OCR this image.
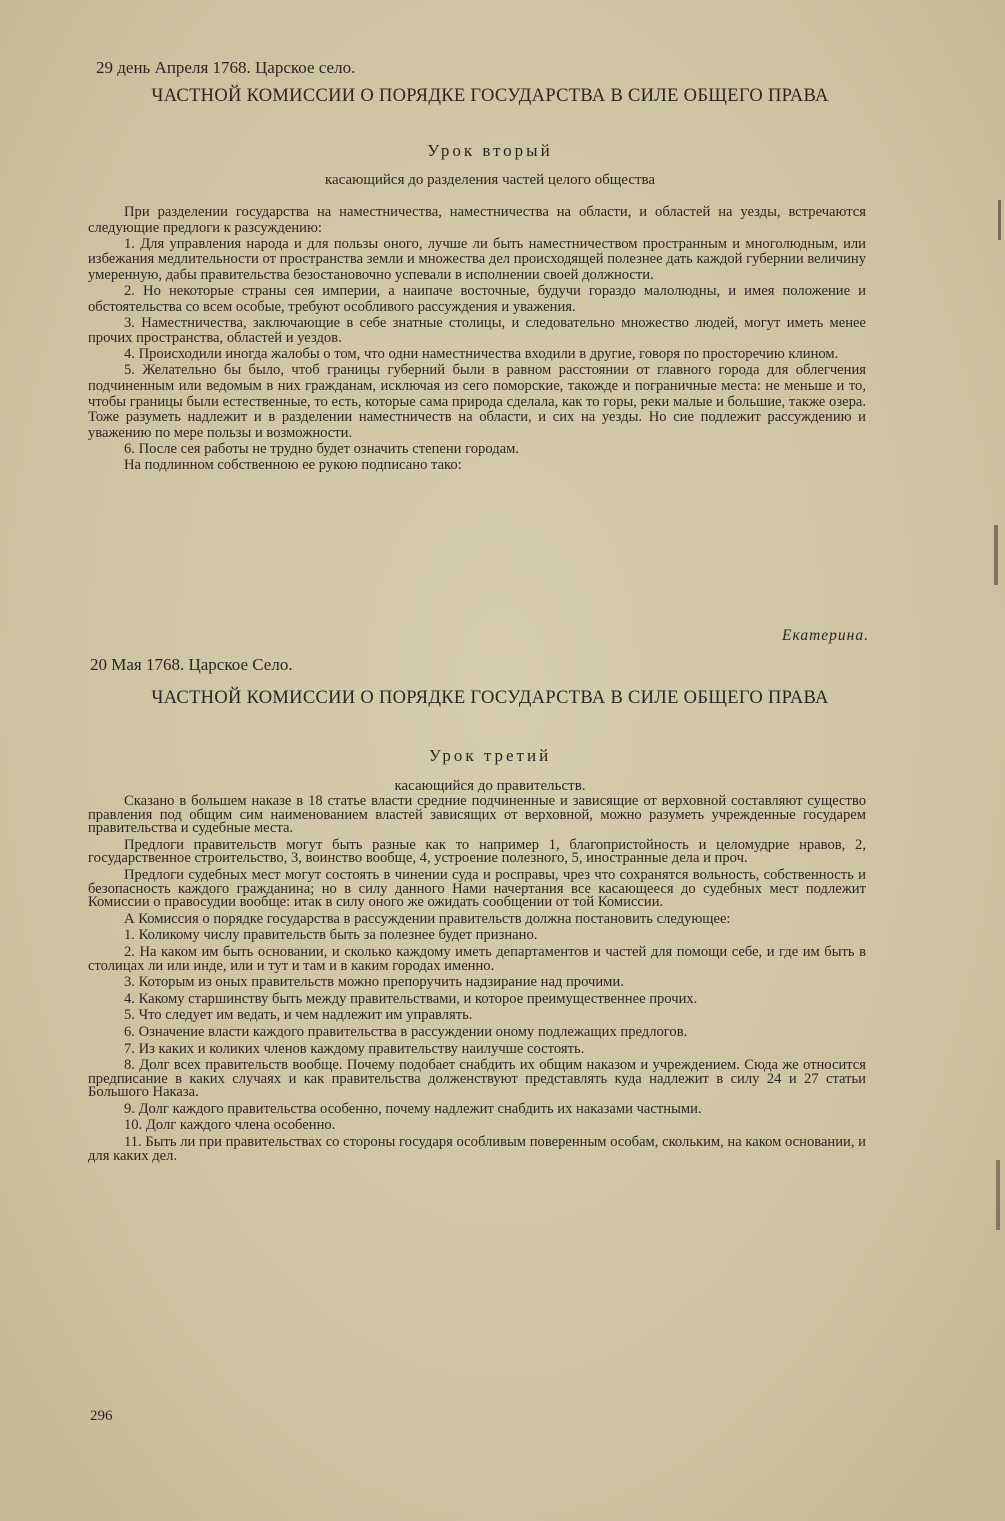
29 день Апреля 1768. Царское село.
ЧАСТНОЙ КОМИССИИ О ПОРЯДКЕ ГОСУДАРСТВА В СИЛЕ ОБЩЕГО ПРАВА
Урок вторый
касающийся до разделения частей целого общества

При разделении государства на наместничества, наместничества на области, и областей на уезды, встречаются следующие предлоги к разсуждению:

1. Для управления народа и для пользы оного, лучше ли быть наместничеством пространным и многолюдным, или избежания медлительности от пространства земли и множества дел происходящей полезнее дать каждой губернии величину умеренную, дабы правительства безостановочно успевали в исполнении своей должности.

2. Но некоторые страны сея империи, а наипаче восточные, будучи гораздо малолюдны, и имея положение и обстоятельства со всем особые, требуют особливого рассуждения и уважения.

3. Наместничества, заключающие в себе знатные столицы, и следовательно множество людей, могут иметь менее прочих пространства, областей и уездов.

4. Происходили иногда жалобы о том, что одни наместничества входили в другие, говоря по просторечию клином.

5. Желательно бы было, чтоб границы губерний были в равном расстоянии от главного города для облегчения подчиненным или ведомым в них гражданам, исключая из сего поморские, такожде и пограничные места: не меньше и то, чтобы границы были естественные, то есть, которые сама природа сделала, как то горы, реки малые и большие, также озера. Тоже разуметь надлежит и в разделении наместничеств на области, и сих на уезды. Но сие подлежит рассуждению и уважению по мере пользы и возможности.

6. После сея работы не трудно будет означить степени городам.

На подлинном собственною ее рукою подписано тако:

Екатерина.
20 Мая 1768. Царское Село.
ЧАСТНОЙ КОМИССИИ О ПОРЯДКЕ ГОСУДАРСТВА В СИЛЕ ОБЩЕГО ПРАВА
Урок третий
касающийся до правительств.

Сказано в большем наказе в 18 статье власти средние подчиненные и зависящие от верховной составляют существо правления под общим сим наименованием властей зависящих от верховной, можно разуметь учрежденные государем правительства и судебные места.

Предлоги правительств могут быть разные как то например 1, благопристойность и целомудрие нравов, 2, государственное строительство, 3, воинство вообще, 4, устроение полезного, 5, иностранные дела и проч.

Предлоги судебных мест могут состоять в чинении суда и росправы, чрез что сохранятся вольность, собственность и безопасность каждого гражданина; но в силу данного Нами начертания все касающееся до судебных мест подлежит Комиссии о правосудии вообще: итак в силу оного же ожидать сообщении от той Комиссии.

А Комиссия о порядке государства в рассуждении правительств должна постановить следующее:

1. Коликому числу правительств быть за полезнее будет признано.

2. На каком им быть основании, и сколько каждому иметь департаментов и частей для помощи себе, и где им быть в столицах ли или инде, или и тут и там и в каким городах именно.

3. Которым из оных правительств можно препоручить надзирание над прочими.

4. Какому старшинству быть между правительствами, и которое преимущественнее прочих.

5. Что следует им ведать, и чем надлежит им управлять.

6. Означение власти каждого правительства в рассуждении оному подлежащих предлогов.

7. Из каких и коликих членов каждому правительству наилучше состоять.

8. Долг всех правительств вообще. Почему подобает снабдить их общим наказом и учреждением. Сюда же относится предписание в каких случаях и как правительства долженствуют представлять куда надлежит в силу 24 и 27 статьи Большого Наказа.

9. Долг каждого правительства особенно, почему надлежит снабдить их наказами частными.

10. Долг каждого члена особенно.

11. Быть ли при правительствах со стороны государя особливым поверенным особам, скольким, на каком основании, и для каких дел.

296
